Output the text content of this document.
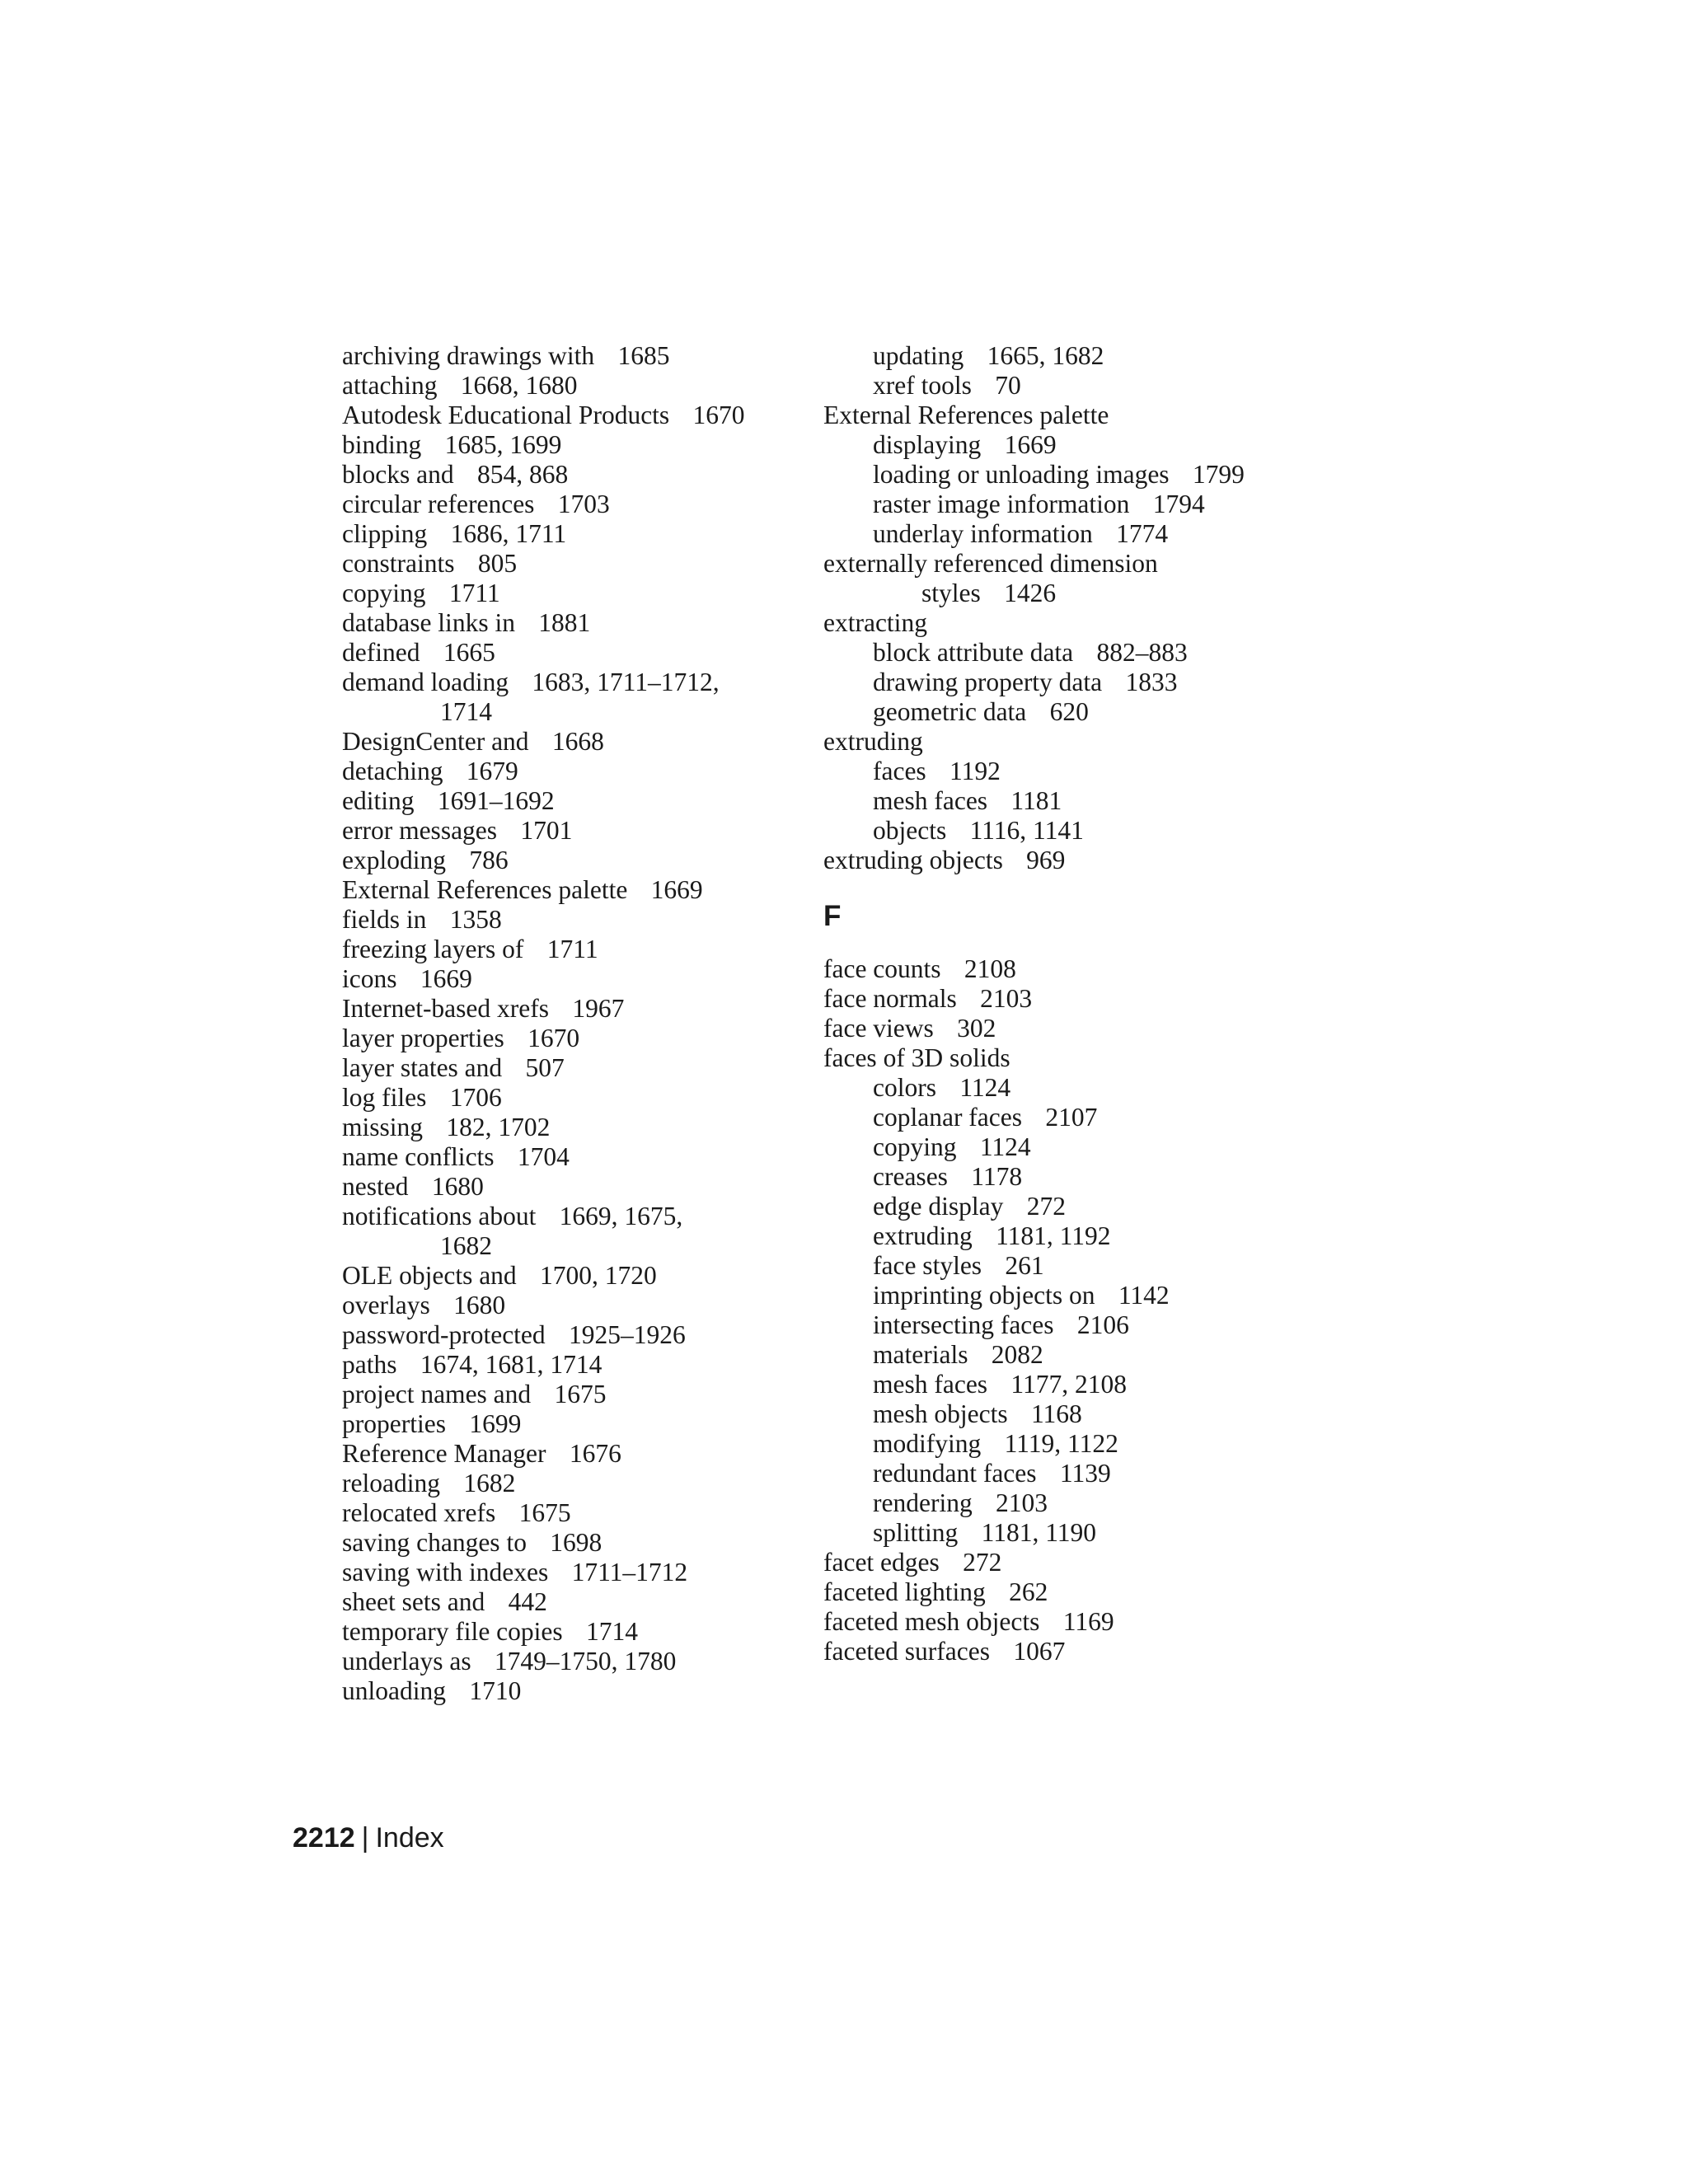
archiving drawings with 1685
attaching 1668, 1680
Autodesk Educational Products 1670
binding 1685, 1699
blocks and 854, 868
circular references 1703
clipping 1686, 1711
constraints 805
copying 1711
database links in 1881
defined 1665
demand loading 1683, 1711–1712,
1714
DesignCenter and 1668
detaching 1679
editing 1691–1692
error messages 1701
exploding 786
External References palette 1669
fields in 1358
freezing layers of 1711
icons 1669
Internet-based xrefs 1967
layer properties 1670
layer states and 507
log files 1706
missing 182, 1702
name conflicts 1704
nested 1680
notifications about 1669, 1675,
1682
OLE objects and 1700, 1720
overlays 1680
password-protected 1925–1926
paths 1674, 1681, 1714
project names and 1675
properties 1699
Reference Manager 1676
reloading 1682
relocated xrefs 1675
saving changes to 1698
saving with indexes 1711–1712
sheet sets and 442
temporary file copies 1714
underlays as 1749–1750, 1780
unloading 1710
updating 1665, 1682
xref tools 70
External References palette
displaying 1669
loading or unloading images 1799
raster image information 1794
underlay information 1774
externally referenced dimension
styles 1426
extracting
block attribute data 882–883
drawing property data 1833
geometric data 620
extruding
faces 1192
mesh faces 1181
objects 1116, 1141
extruding objects 969
F
face counts 2108
face normals 2103
face views 302
faces of 3D solids
colors 1124
coplanar faces 2107
copying 1124
creases 1178
edge display 272
extruding 1181, 1192
face styles 261
imprinting objects on 1142
intersecting faces 2106
materials 2082
mesh faces 1177, 2108
mesh objects 1168
modifying 1119, 1122
redundant faces 1139
rendering 2103
splitting 1181, 1190
facet edges 272
faceted lighting 262
faceted mesh objects 1169
faceted surfaces 1067
2212 | Index
